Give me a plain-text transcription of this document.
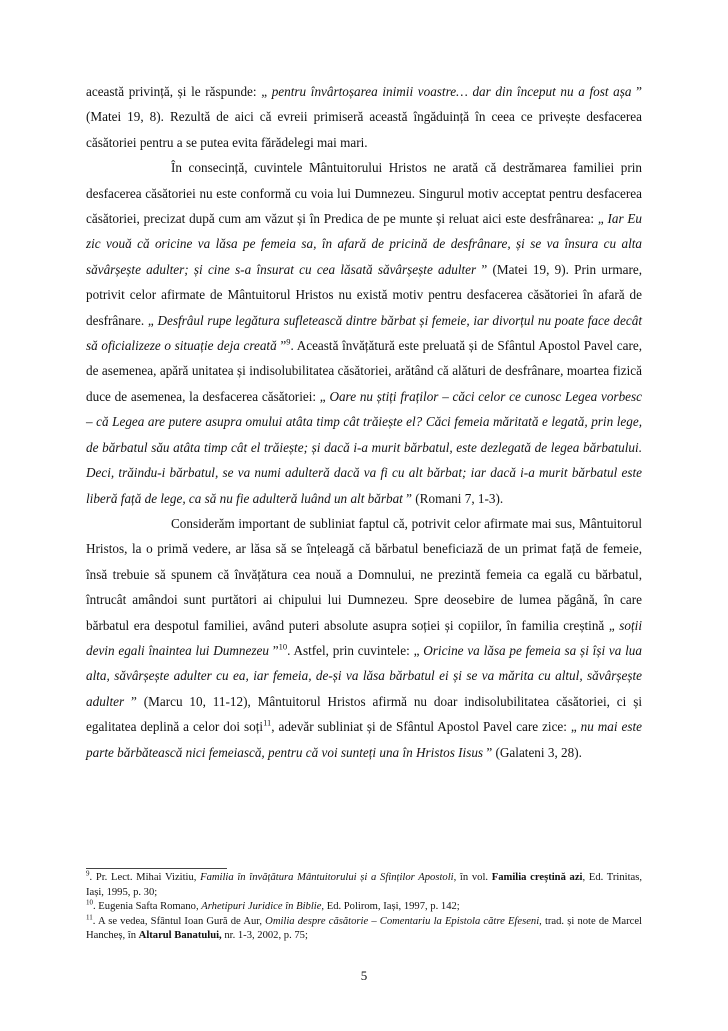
această privință, și le răspunde: „ pentru învârtoșarea inimii voastre… dar din început nu a fost așa ” (Matei 19, 8). Rezultă de aici că evreii primiseră această îngăduință în ceea ce privește desfacerea căsătoriei pentru a se putea evita fărădelegi mai mari.

În consecință, cuvintele Mântuitorului Hristos ne arată că destrămarea familiei prin desfacerea căsătoriei nu este conformă cu voia lui Dumnezeu. Singurul motiv acceptat pentru desfacerea căsătoriei, precizat după cum am văzut și în Predica de pe munte și reluat aici este desfrânarea: „ Iar Eu zic vouă că oricine va lăsa pe femeia sa, în afară de pricină de desfrânare, și se va însura cu alta săvârșește adulter; și cine s-a însurat cu cea lăsată săvârșește adulter ” (Matei 19, 9). Prin urmare, potrivit celor afirmate de Mântuitorul Hristos nu există motiv pentru desfacerea căsătoriei în afară de desfrânare. „ Desfrâul rupe legătura sufletească dintre bărbat și femeie, iar divorțul nu poate face decât să oficializeze o situație deja creată ”$^9$. Această învățătură este preluată și de Sfântul Apostol Pavel care, de asemenea, apără unitatea și indisolubilitatea căsătoriei, arătând că alături de desfrânare, moartea fizică duce de asemenea, la desfacerea căsătoriei: „ Oare nu știți fraților – căci celor ce cunosc Legea vorbesc – că Legea are putere asupra omului atâta timp cât trăiește el? Căci femeia măritată e legată, prin lege, de bărbatul său atâta timp cât el trăiește; și dacă i-a murit bărbatul, este dezlegată de legea bărbatului. Deci, trăindu-i bărbatul, se va numi adulteră dacă va fi cu alt bărbat; iar dacă i-a murit bărbatul este liberă față de lege, ca să nu fie adulteră luând un alt bărbat ” (Romani 7, 1-3).

Considerăm important de subliniat faptul că, potrivit celor afirmate mai sus, Mântuitorul Hristos, la o primă vedere, ar lăsa să se înțeleagă că bărbatul beneficiază de un primat față de femeie, însă trebuie să spunem că învățătura cea nouă a Domnului, ne prezintă femeia ca egală cu bărbatul, întrucât amândoi sunt purtători ai chipului lui Dumnezeu. Spre deosebire de lumea păgână, în care bărbatul era despotul familiei, având puteri absolute asupra soției și copiilor, în familia creștină „ soții devin egali înaintea lui Dumnezeu ”$^{10}$. Astfel, prin cuvintele: „ Oricine va lăsa pe femeia sa și își va lua alta, săvârșește adulter cu ea, iar femeia, de-și va lăsa bărbatul ei și se va mărita cu altul, săvârșește adulter ” (Marcu 10, 11-12), Mântuitorul Hristos afirmă nu doar indisolubilitatea căsătoriei, ci și egalitatea deplină a celor doi soți$^{11}$, adevăr subliniat și de Sfântul Apostol Pavel care zice: „ nu mai este parte bărbătească nici femeiască, pentru că voi sunteți una în Hristos Iisus ” (Galateni 3, 28).

$^9$. Pr. Lect. Mihai Vizitiu, Familia în învățătura Mântuitorului și a Sfinților Apostoli, în vol. Familia creștină azi, Ed. Trinitas, Iași, 1995, p. 30;

$^{10}$. Eugenia Safta Romano, Arhetipuri Juridice în Biblie, Ed. Polirom, Iași, 1997, p. 142;

$^{11}$. A se vedea, Sfântul Ioan Gură de Aur, Omilia despre căsătorie – Comentariu la Epistola către Efeseni, trad. și note de Marcel Hancheș, în Altarul Banatului, nr. 1-3, 2002, p. 75;

5
